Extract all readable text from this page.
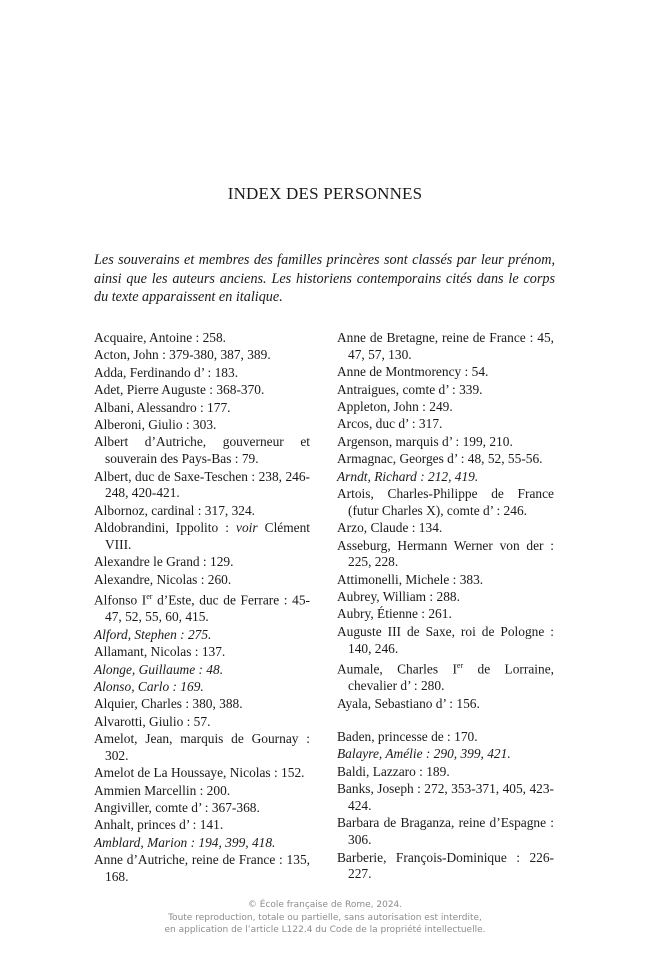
INDEX DES PERSONNES
Les souverains et membres des familles princères sont classés par leur prénom, ainsi que les auteurs anciens. Les historiens contemporains cités dans le corps du texte apparaissent en italique.
Acquaire, Antoine : 258.
Acton, John : 379-380, 387, 389.
Adda, Ferdinando d’ : 183.
Adet, Pierre Auguste : 368-370.
Albani, Alessandro : 177.
Alberoni, Giulio : 303.
Albert d’Autriche, gouverneur et souverain des Pays-Bas : 79.
Albert, duc de Saxe-Teschen : 238, 246-248, 420-421.
Albornoz, cardinal : 317, 324.
Aldobrandini, Ippolito : voir Clément VIII.
Alexandre le Grand : 129.
Alexandre, Nicolas : 260.
Alfonso Ier d’Este, duc de Ferrare : 45-47, 52, 55, 60, 415.
Alford, Stephen : 275.
Allamant, Nicolas : 137.
Alonge, Guillaume : 48.
Alonso, Carlo : 169.
Alquier, Charles : 380, 388.
Alvarotti, Giulio : 57.
Amelot, Jean, marquis de Gournay : 302.
Amelot de La Houssaye, Nicolas : 152.
Ammien Marcellin : 200.
Angiviller, comte d’ : 367-368.
Anhalt, princes d’ : 141.
Amblard, Marion : 194, 399, 418.
Anne d’Autriche, reine de France : 135, 168.
Anne de Bretagne, reine de France : 45, 47, 57, 130.
Anne de Montmorency : 54.
Antraigues, comte d’ : 339.
Appleton, John : 249.
Arcos, duc d’ : 317.
Argenson, marquis d’ : 199, 210.
Armagnac, Georges d’ : 48, 52, 55-56.
Arndt, Richard : 212, 419.
Artois, Charles-Philippe de France (futur Charles X), comte d’ : 246.
Arzo, Claude : 134.
Asseburg, Hermann Werner von der : 225, 228.
Attimonelli, Michele : 383.
Aubrey, William : 288.
Aubry, Étienne : 261.
Auguste III de Saxe, roi de Pologne : 140, 246.
Aumale, Charles Ier de Lorraine, chevalier d’ : 280.
Ayala, Sebastiano d’ : 156.
Baden, princesse de : 170.
Balayre, Amélie : 290, 399, 421.
Baldi, Lazzaro : 189.
Banks, Joseph : 272, 353-371, 405, 423-424.
Barbara de Braganza, reine d’Espagne : 306.
Barberie, François-Dominique : 226-227.
© École française de Rome, 2024.
Toute reproduction, totale ou partielle, sans autorisation est interdite,
en application de l’article L122.4 du Code de la propriété intellectuelle.
